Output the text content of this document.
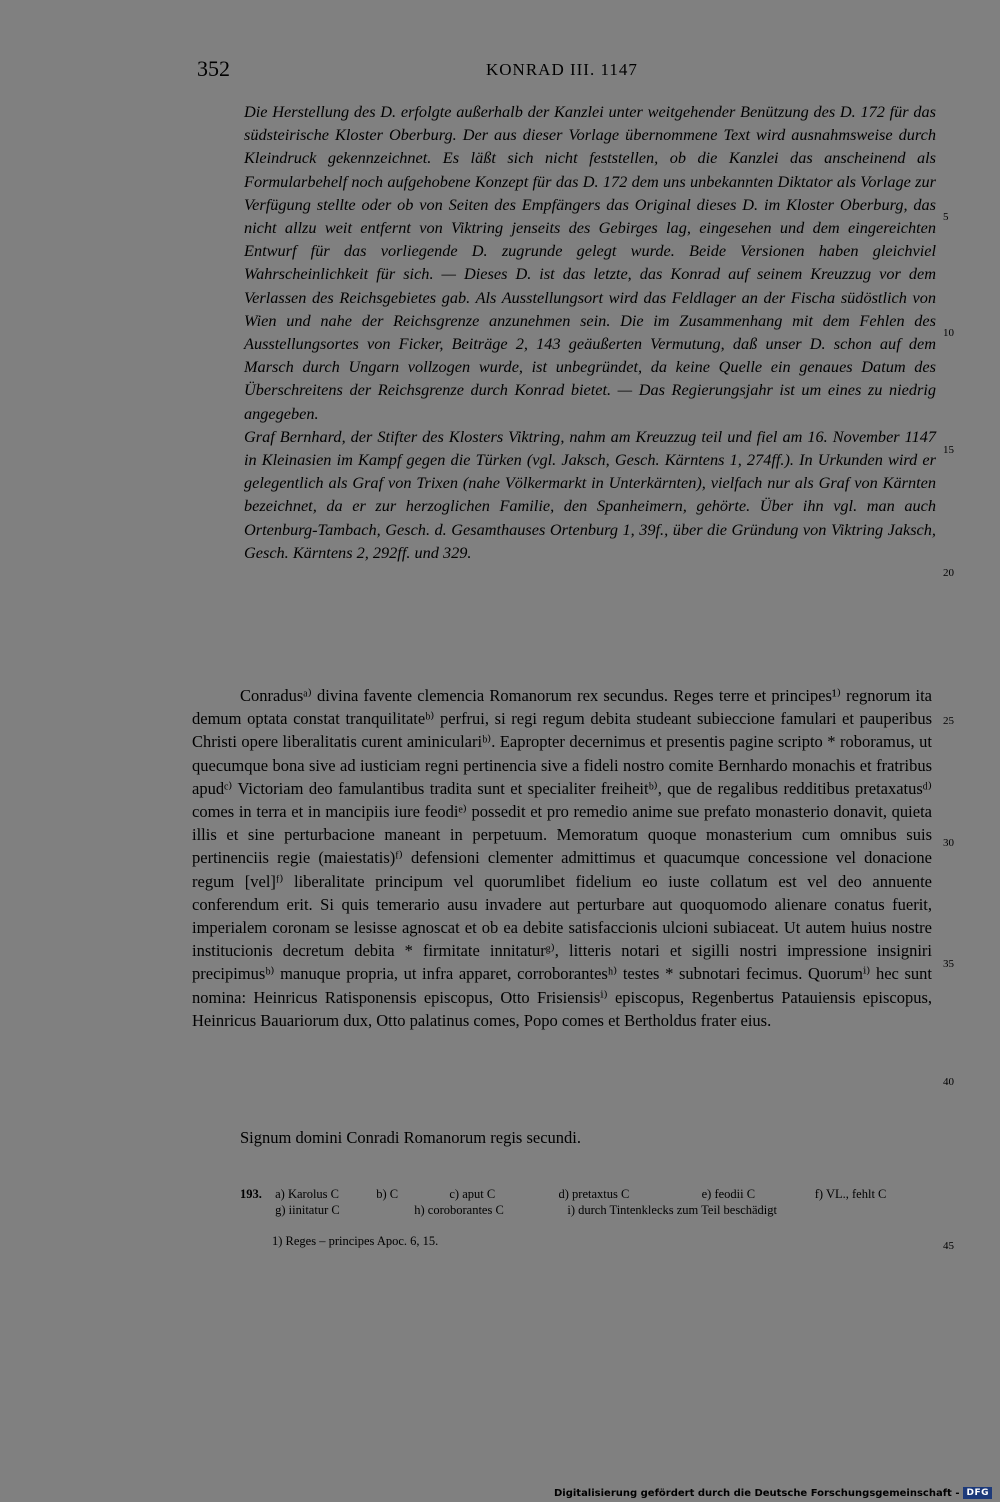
352	KONRAD III. 1147

Die Herstellung des D. erfolgte außerhalb der Kanzlei unter weitgehender Benützung des D. 172 für das südsteirische Kloster Oberburg. Der aus dieser Vorlage übernommene Text wird ausnahmsweise durch Kleindruck gekennzeichnet. Es läßt sich nicht feststellen, ob die Kanzlei das anscheinend als Formularbehelf noch aufgehobene Konzept für das D. 172 dem uns unbekannten Diktator als Vorlage zur Verfügung stellte oder ob von Seiten des Empfängers das Original dieses D. im Kloster Oberburg, das nicht allzu weit entfernt von Viktring jenseits des Gebirges lag, eingesehen und dem eingereichten Entwurf für das vorliegende D. zugrunde gelegt wurde. Beide Versionen haben gleichviel Wahrscheinlichkeit für sich. — Dieses D. ist das letzte, das Konrad auf seinem Kreuzzug vor dem Verlassen des Reichsgebietes gab. Als Ausstellungsort wird das Feldlager an der Fischa südöstlich von Wien und nahe der Reichsgrenze anzunehmen sein. Die im Zusammenhang mit dem Fehlen des Ausstellungsortes von Ficker, Beiträge 2, 143 geäußerten Vermutung, daß unser D. schon auf dem Marsch durch Ungarn vollzogen wurde, ist unbegründet, da keine Quelle ein genaues Datum des Überschreitens der Reichsgrenze durch Konrad bietet. — Das Regierungsjahr ist um eines zu niedrig angegeben.

Graf Bernhard, der Stifter des Klosters Viktring, nahm am Kreuzzug teil und fiel am 16. November 1147 in Kleinasien im Kampf gegen die Türken (vgl. Jaksch, Gesch. Kärntens 1, 274ff.). In Urkunden wird er gelegentlich als Graf von Trixen (nahe Völkermarkt in Unterkärnten), vielfach nur als Graf von Kärnten bezeichnet, da er zur herzoglichen Familie, den Spanheimern, gehörte. Über ihn vgl. man auch Ortenburg-Tambach, Gesch. d. Gesamthauses Ortenburg 1, 39f., über die Gründung von Viktring Jaksch, Gesch. Kärntens 2, 292ff. und 329.

Conradusᵃ⁾ divina favente clemencia Romanorum rex secundus. Reges terre et principes¹⁾ regnorum ita demum optata constat tranquilitateᵇ⁾ perfrui, si regi regum debita studeant subieccione famulari et pauperibus Christi opere liberalitatis curent aminiculariᵇ⁾. Eapropter decernimus et presentis pagine scripto * roboramus, ut quecumque bona sive ad iusticiam regni pertinencia sive a fideli nostro comite Bernhardo monachis et fratribus apudᶜ⁾ Victoriam deo famulantibus tradita sunt et specialiter freiheitᵇ⁾, que de regalibus redditibus pretaxatusᵈ⁾ comes in terra et in mancipiis iure feodiᵉ⁾ possedit et pro remedio anime sue prefato monasterio donavit, quieta illis et sine perturbacione maneant in perpetuum. Memoratum quoque monasterium cum omnibus suis pertinenciis regie (maiestatis)ᶠ⁾ defensioni clementer admittimus et quacumque concessione vel donacione regum [vel]ᶠ⁾ liberalitate principum vel quorumlibet fidelium eo iuste collatum est vel deo annuente conferendum erit. Si quis temerario ausu invadere aut perturbare aut quoquomodo alienare conatus fuerit, imperialem coronam se lesisse agnoscat et ob ea debite satisfaccionis ulcioni subiaceat. Ut autem huius nostre institucionis decretum debita * firmitate innitaturᵍ⁾, litteris notari et sigilli nostri impressione insigniri precipimusᵇ⁾ manuque propria, ut infra apparet, corroborantesʰ⁾ testes * subnotari fecimus. Quorumⁱ⁾ hec sunt nomina: Heinricus Ratisponensis episcopus, Otto Frisiensisⁱ⁾ episcopus, Regenbertus Patauiensis episcopus, Heinricus Bauariorum dux, Otto palatinus comes, Popo comes et Bertholdus frater eius.

Signum domini Conradi Romanorum regis secundi.
5
10
15
20
25
30
35
40
45
193. a) Karolus C	b) C	c) aput C	d) pretaxtus C	e) feodii C	f) VL., fehlt C
g) iinitatur C	h) coroborantes C	i) durch Tintenklecks zum Teil beschädigt
1) Reges – principes Apoc. 6, 15.
Digitalisierung gefördert durch die Deutsche Forschungsgemeinschaft - DFG
